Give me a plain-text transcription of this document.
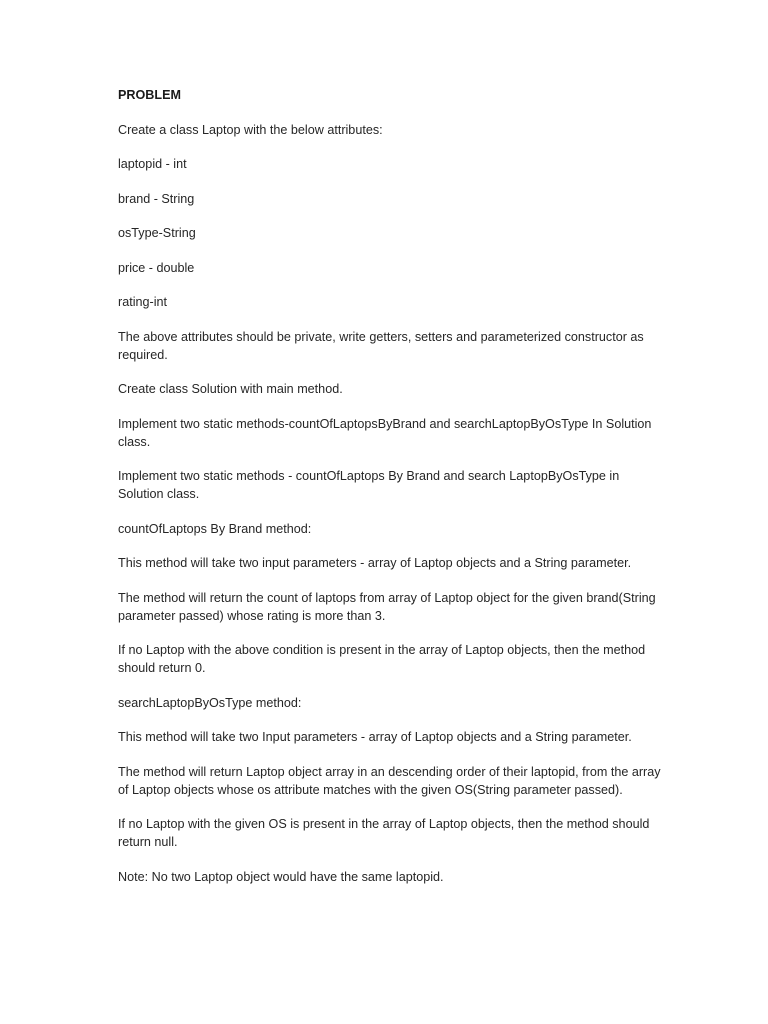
PROBLEM

Create a class Laptop with the below attributes:

laptopid - int

brand - String

osType-String

price - double

rating-int

The above attributes should be private, write getters, setters and parameterized constructor as required.

Create class Solution with main method.

Implement two static methods-countOfLaptopsByBrand and searchLaptopByOsType In Solution class.

Implement two static methods - countOfLaptops By Brand and search LaptopByOsType in Solution class.

countOfLaptops By Brand method:

This method will take two input parameters - array of Laptop objects and a String parameter.

The method will return the count of laptops from array of Laptop object for the given brand(String parameter passed) whose rating is more than 3.

If no Laptop with the above condition is present in the array of Laptop objects, then the method should return 0.

searchLaptopByOsType method:

This method will take two Input parameters - array of Laptop objects and a String parameter.

The method will return Laptop object array in an descending order of their laptopid, from the array of Laptop objects whose os attribute matches with the given OS(String parameter passed).

If no Laptop with the given OS is present in the array of Laptop objects, then the method should return null.

Note: No two Laptop object would have the same laptopid.
